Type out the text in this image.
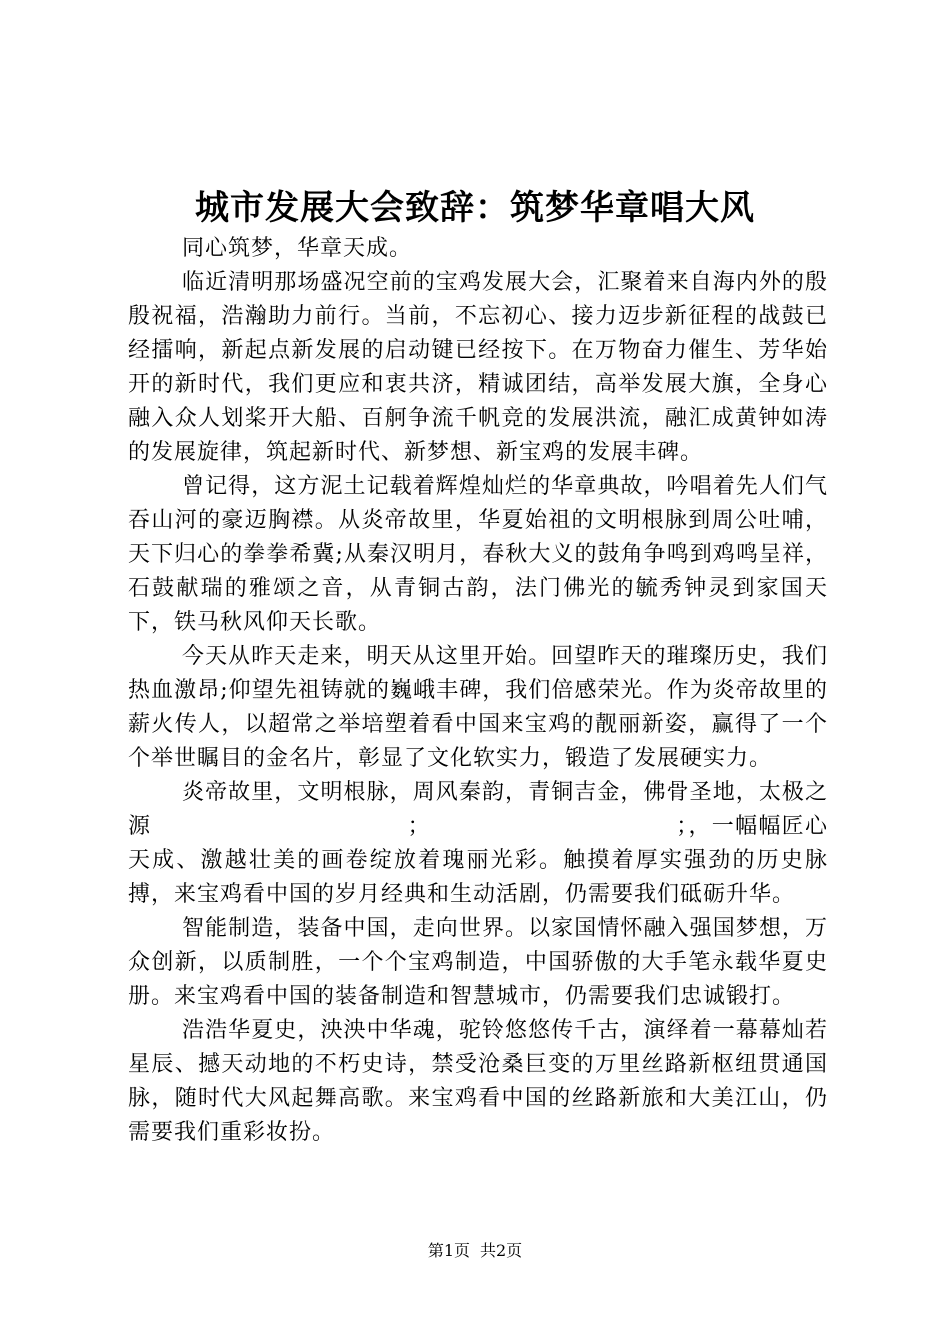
城市发展大会致辞：筑梦华章唱大风

同心筑梦，华章天成。

临近清明那场盛况空前的宝鸡发展大会，汇聚着来自海内外的殷殷祝福，浩瀚助力前行。当前，不忘初心、接力迈步新征程的战鼓已经擂响，新起点新发展的启动键已经按下。在万物奋力催生、芳华始开的新时代，我们更应和衷共济，精诚团结，高举发展大旗，全身心融入众人划桨开大船、百舸争流千帆竞的发展洪流，融汇成黄钟如涛的发展旋律，筑起新时代、新梦想、新宝鸡的发展丰碑。

曾记得，这方泥土记载着辉煌灿烂的华章典故，吟唱着先人们气吞山河的豪迈胸襟。从炎帝故里，华夏始祖的文明根脉到周公吐哺，天下归心的拳拳希冀;从秦汉明月，春秋大义的鼓角争鸣到鸡鸣呈祥，石鼓献瑞的雅颂之音，从青铜古韵，法门佛光的毓秀钟灵到家国天下，铁马秋风仰天长歌。

今天从昨天走来，明天从这里开始。回望昨天的璀璨历史，我们热血激昂;仰望先祖铸就的巍峨丰碑，我们倍感荣光。作为炎帝故里的薪火传人，以超常之举培塑着看中国来宝鸡的靓丽新姿，赢得了一个个举世瞩目的金名片，彰显了文化软实力，锻造了发展硬实力。

炎帝故里，文明根脉，周风秦韵，青铜吉金，佛骨圣地，太极之源　　　　　　　　　　　；　　　　　　　　　　　；，一幅幅匠心天成、激越壮美的画卷绽放着瑰丽光彩。触摸着厚实强劲的历史脉搏，来宝鸡看中国的岁月经典和生动活剧，仍需要我们砥砺升华。

智能制造，装备中国，走向世界。以家国情怀融入强国梦想，万众创新，以质制胜，一个个宝鸡制造，中国骄傲的大手笔永载华夏史册。来宝鸡看中国的装备制造和智慧城市，仍需要我们忠诚锻打。

浩浩华夏史，泱泱中华魂，驼铃悠悠传千古，演绎着一幕幕灿若星辰、撼天动地的不朽史诗，禁受沧桑巨变的万里丝路新枢纽贯通国脉，随时代大风起舞高歌。来宝鸡看中国的丝路新旅和大美江山，仍需要我们重彩妆扮。

第1页 共2页
